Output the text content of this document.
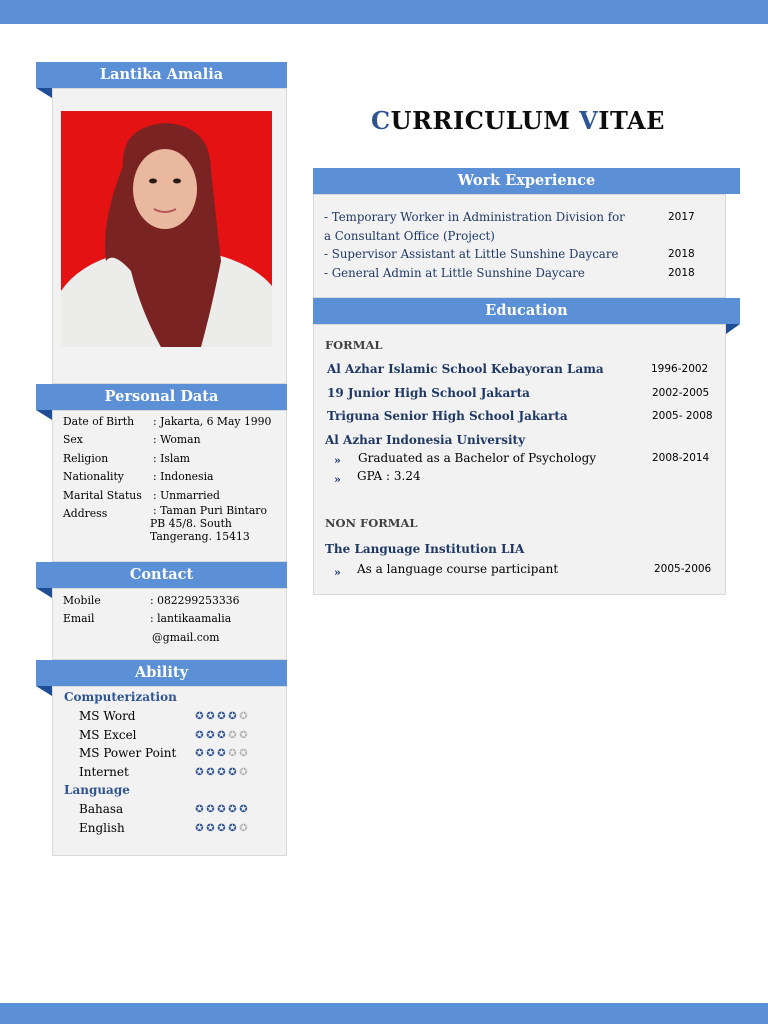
Lantika Amalia
Personal Data
Date of Birth : Jakarta, 6 May 1990
Sex	: Woman
Religion	: Islam
Nationality	: Indonesia
Marital Status : Unmarried
Address	: Taman Puri Bintaro
PB 45/8. South
Tangerang. 15413
Contact
Mobile	: 082299253336
Email	: lantikaamalia
@gmail.com
Ability
Computerization
MS Word	✪ ✪ ✪ ✪ ✪
MS Excel	✪ ✪ ✪ ✪ ✪
MS Power Point ✪ ✪ ✪ ✪ ✪
Internet	✪ ✪ ✪ ✪ ✪
Language
Bahasa	✪ ✪ ✪ ✪ ✪
English	✪ ✪ ✪ ✪ ✪
CURRICULUM VITAE
Work Experience
- Temporary Worker in Administration Division for	2017
a Consultant Office (Project)
- Supervisor Assistant at Little Sunshine Daycare	2018
- General Admin at Little Sunshine Daycare	2018
Education
FORMAL
Al Azhar Islamic School Kebayoran Lama	1996-2002
19 Junior High School Jakarta	2002-2005
Triguna Senior High School Jakarta	2005- 2008
Al Azhar Indonesia University
» Graduated as a Bachelor of Psychology	2008-2014
» GPA : 3.24
NON FORMAL
The Language Institution LIA
» As a language course participant	2005-2006
